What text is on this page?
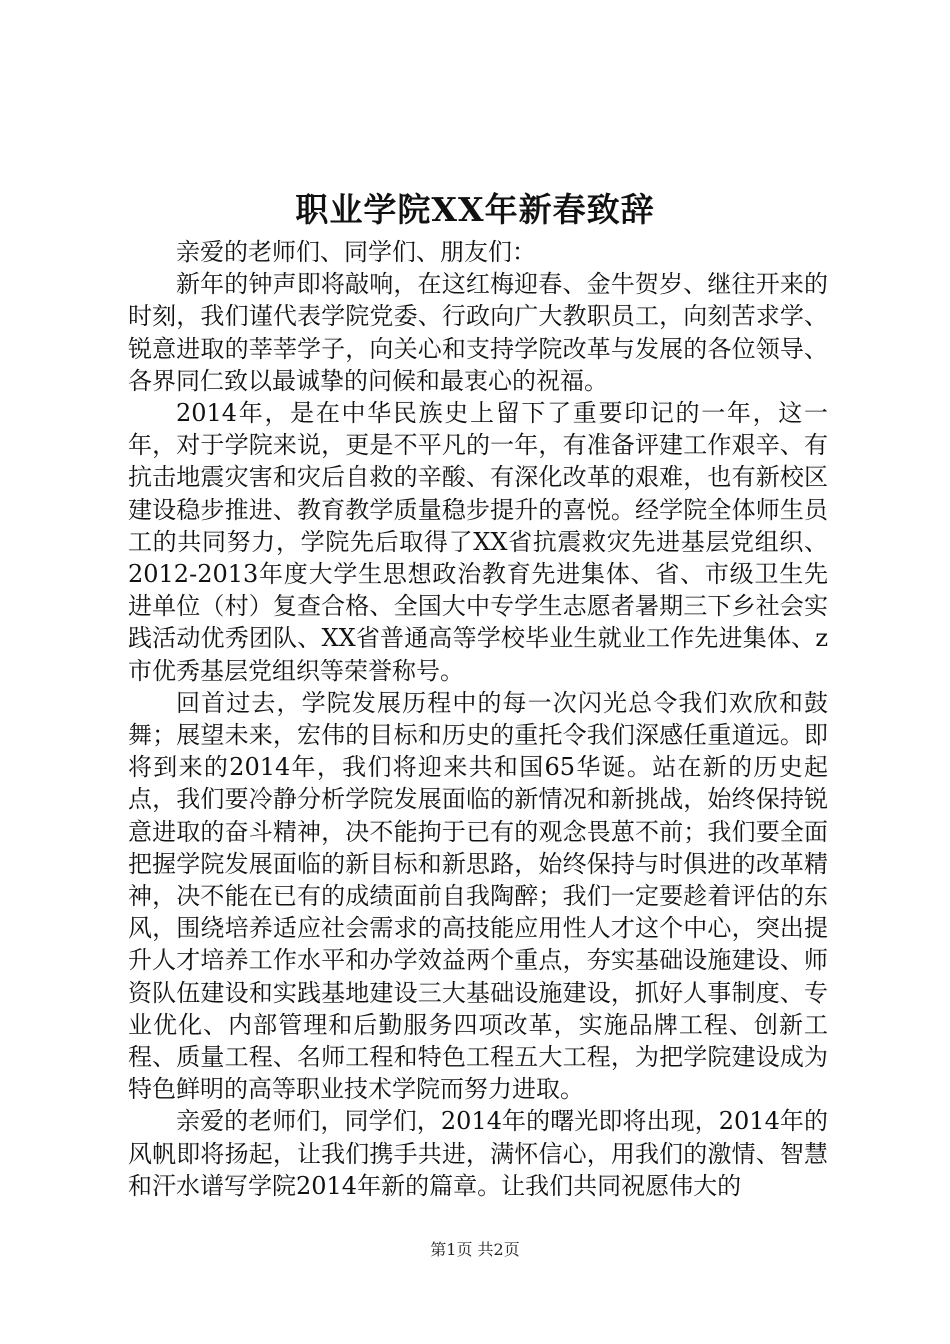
职业学院XX年新春致辞

亲爱的老师们、同学们、朋友们：

新年的钟声即将敲响，在这红梅迎春、金牛贺岁、继往开来的时刻，我们谨代表学院党委、行政向广大教职员工，向刻苦求学、锐意进取的莘莘学子，向关心和支持学院改革与发展的各位领导、各界同仁致以最诚挚的问候和最衷心的祝福。

2014年，是在中华民族史上留下了重要印记的一年，这一年，对于学院来说，更是不平凡的一年，有准备评建工作艰辛、有抗击地震灾害和灾后自救的辛酸、有深化改革的艰难，也有新校区建设稳步推进、教育教学质量稳步提升的喜悦。经学院全体师生员工的共同努力，学院先后取得了XX省抗震救灾先进基层党组织、2012-2013年度大学生思想政治教育先进集体、省、市级卫生先进单位（村）复查合格、全国大中专学生志愿者暑期三下乡社会实践活动优秀团队、XX省普通高等学校毕业生就业工作先进集体、z市优秀基层党组织等荣誉称号。

回首过去，学院发展历程中的每一次闪光总令我们欢欣和鼓舞；展望未来，宏伟的目标和历史的重托令我们深感任重道远。即将到来的2014年，我们将迎来共和国65华诞。站在新的历史起点，我们要冷静分析学院发展面临的新情况和新挑战，始终保持锐意进取的奋斗精神，决不能拘于已有的观念畏葸不前；我们要全面把握学院发展面临的新目标和新思路，始终保持与时俱进的改革精神，决不能在已有的成绩面前自我陶醉；我们一定要趁着评估的东风，围绕培养适应社会需求的高技能应用性人才这个中心，突出提升人才培养工作水平和办学效益两个重点，夯实基础设施建设、师资队伍建设和实践基地建设三大基础设施建设，抓好人事制度、专业优化、内部管理和后勤服务四项改革，实施品牌工程、创新工程、质量工程、名师工程和特色工程五大工程，为把学院建设成为特色鲜明的高等职业技术学院而努力进取。

亲爱的老师们，同学们，2014年的曙光即将出现，2014年的风帆即将扬起，让我们携手共进，满怀信心，用我们的激情、智慧和汗水谱写学院2014年新的篇章。让我们共同祝愿伟大的

第1页 共2页
